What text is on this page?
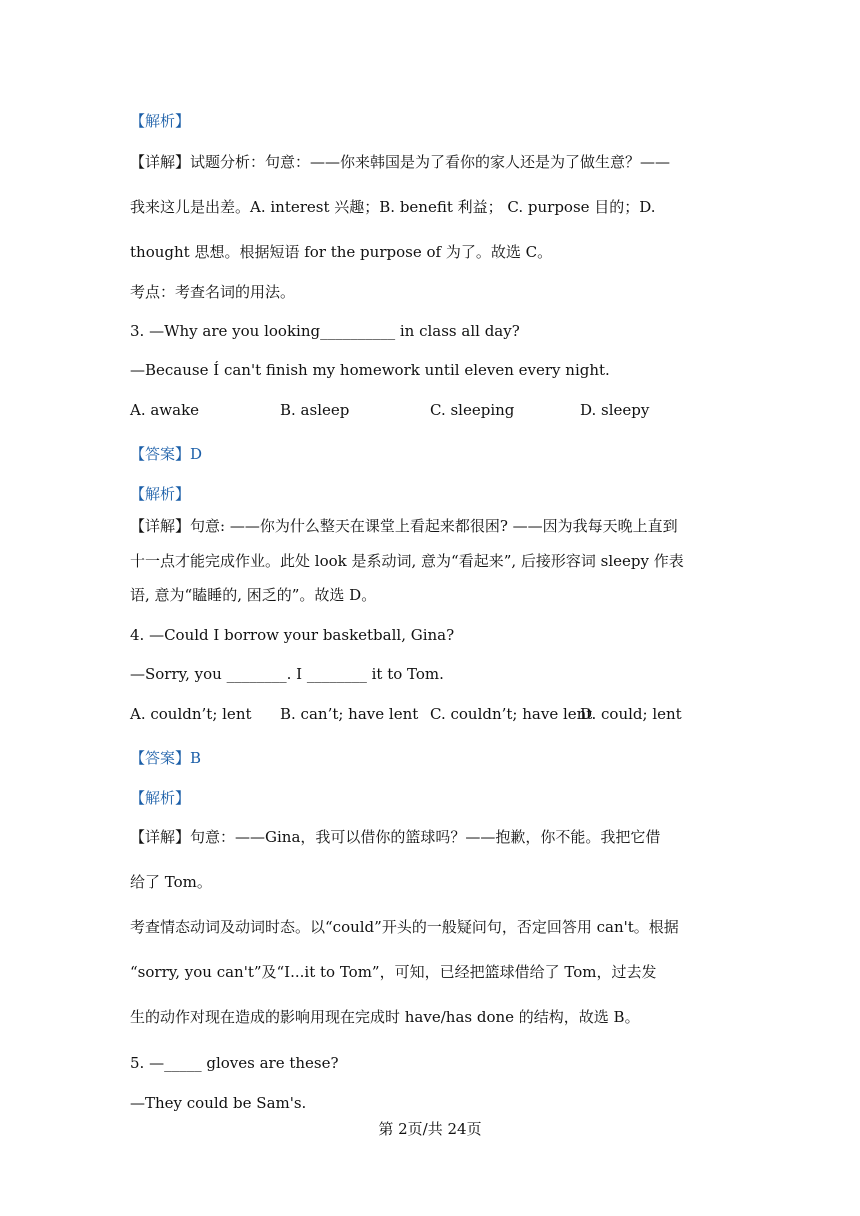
【解析】
【详解】试题分析：句意：——你来韩国是为了看你的家人还是为了做生意？——
我来这儿是出差。A. interest 兴趣；B. benefit 利益； C. purpose 目的；D.
thought 思想。根据短语 for the purpose of 为了。故选 C。
考点：考查名词的用法。
3. —Why are you looking__________ in class all day?
—Because Í can't finish my homework until eleven every night.
A. awake	B. asleep	C. sleeping	D. sleepy
【答案】D
【解析】
【详解】句意: ——你为什么整天在课堂上看起来都很困? ——因为我每天晚上直到
十一点才能完成作业。此处 look 是系动词, 意为“看起来”, 后接形容词 sleepy 作表
语, 意为“瞌睡的, 困乏的”。故选 D。
4. —Could I borrow your basketball, Gina?
—Sorry, you ________. I ________ it to Tom.
A. couldn’t; lent B. can’t; have lent C. couldn’t; have lent
D. could; lent
【答案】B
【解析】
【详解】句意：——Gina，我可以借你的篮球吗？——抱歉，你不能。我把它借
给了 Tom。
考查情态动词及动词时态。以“could”开头的一般疑问句，否定回答用 can't。根据
“sorry, you can't”及“I...it to Tom”，可知，已经把篮球借给了 Tom，过去发
生的动作对现在造成的影响用现在完成时 have/has done 的结构，故选 B。
5. —_____ gloves are these?
—They could be Sam's.
第 2页/共 24页
